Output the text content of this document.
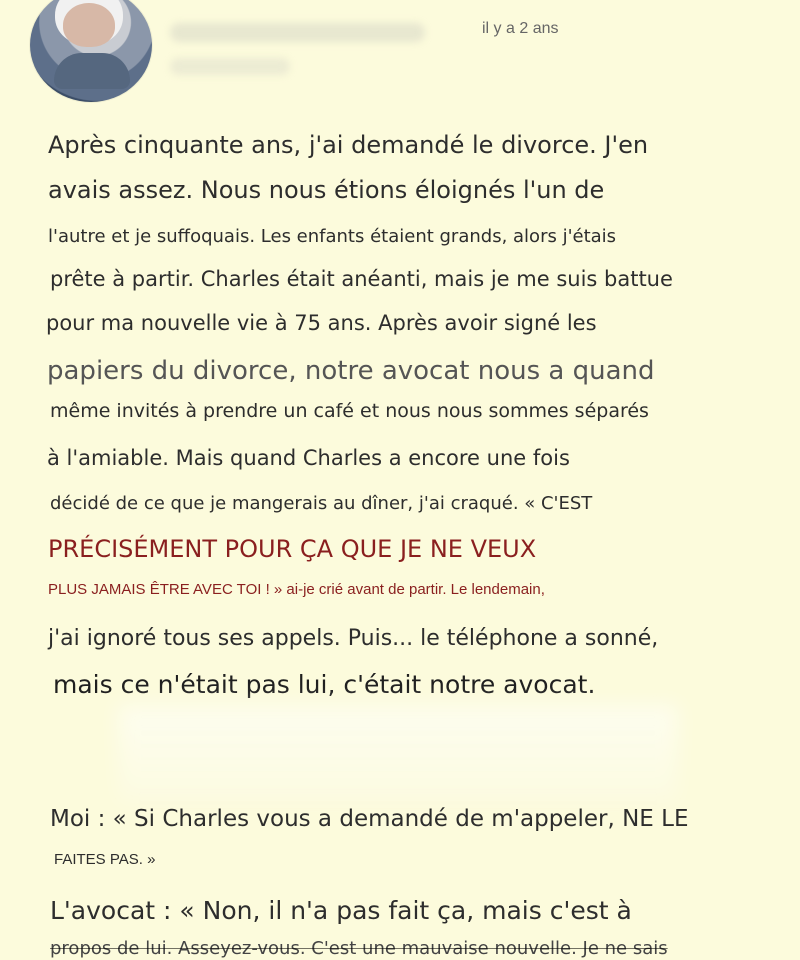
il y a 2 ans
Après cinquante ans, j'ai demandé le divorce. J'en
avais assez. Nous nous étions éloignés l'un de
l'autre et je suffoquais. Les enfants étaient grands, alors j'étais
prête à partir. Charles était anéanti, mais je me suis battue
pour ma nouvelle vie à 75 ans. Après avoir signé les
papiers du divorce, notre avocat nous a quand
même invités à prendre un café et nous nous sommes séparés
à l'amiable. Mais quand Charles a encore une fois
décidé de ce que je mangerais au dîner, j'ai craqué. « C'EST
PRÉCISÉMENT POUR ÇA QUE JE NE VEUX
PLUS JAMAIS ÊTRE AVEC TOI ! » ai-je crié avant de partir. Le lendemain,
j'ai ignoré tous ses appels. Puis... le téléphone a sonné,
mais ce n'était pas lui, c'était notre avocat.
Moi : « Si Charles vous a demandé de m'appeler, NE LE
FAITES PAS. »
L'avocat : « Non, il n'a pas fait ça, mais c'est à
propos de lui. Asseyez-vous. C'est une mauvaise nouvelle. Je ne sais
